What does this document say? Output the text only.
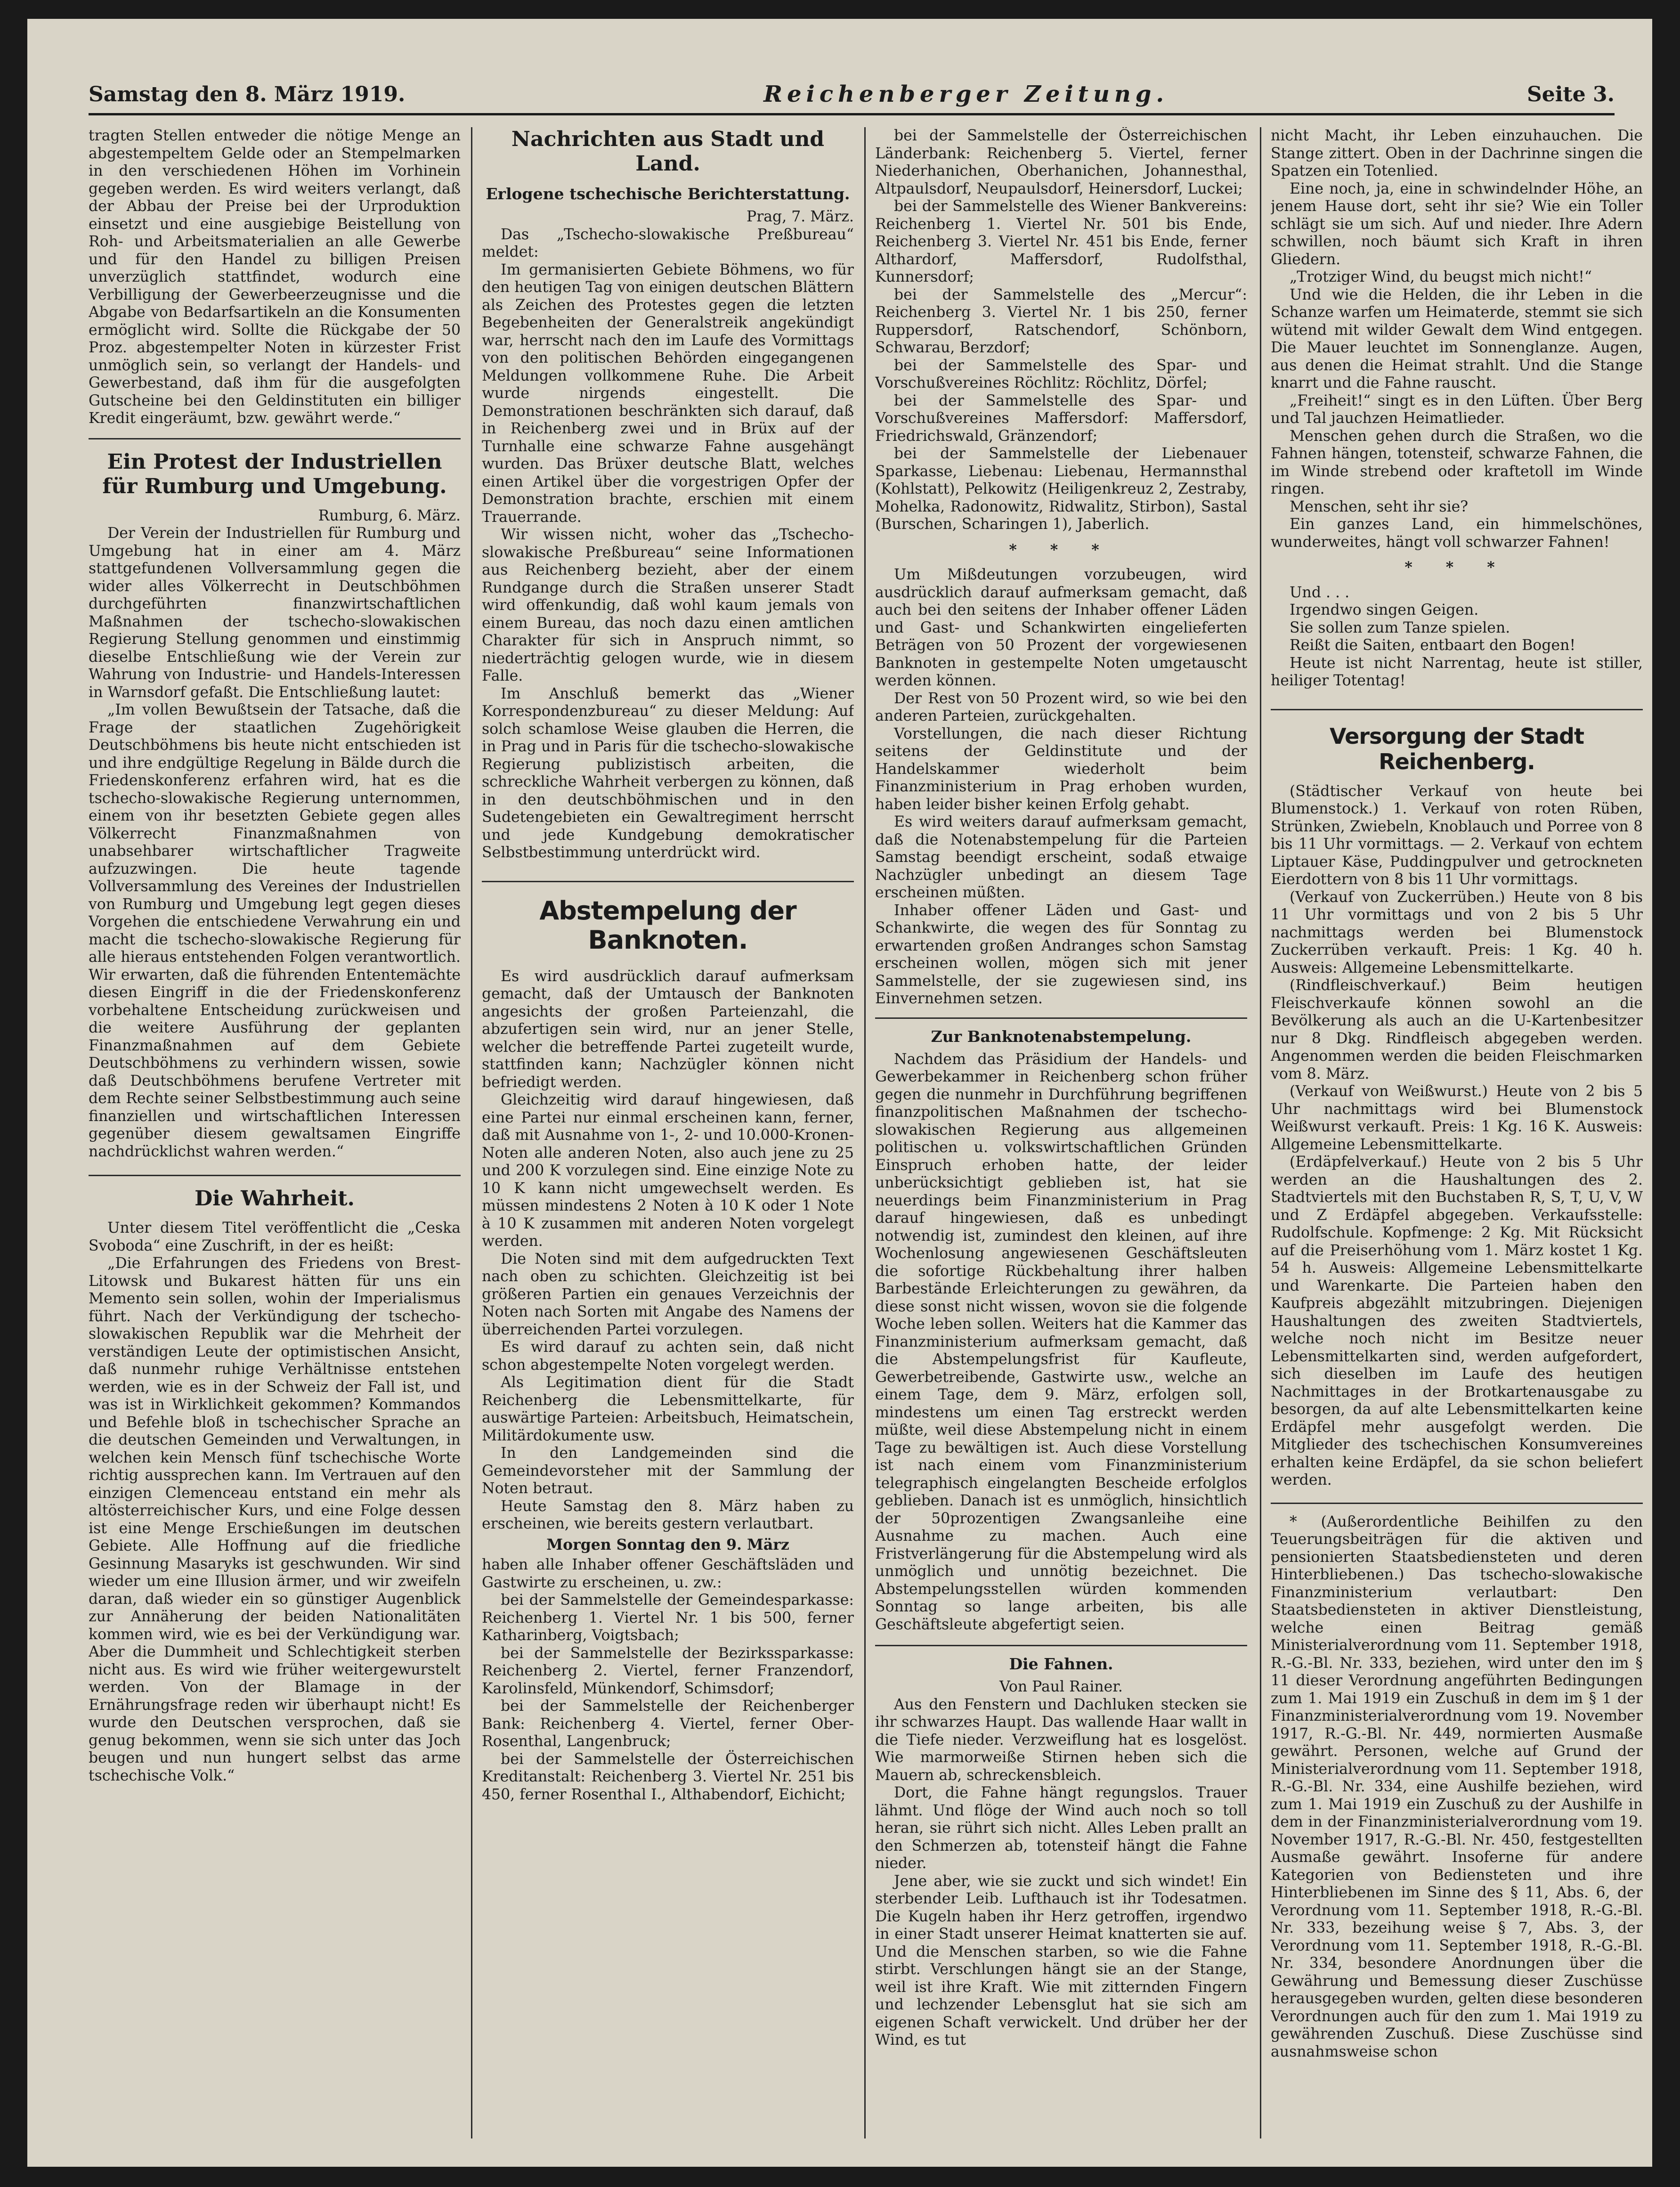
Samstag den 8. März 1919.	Reichenberger Zeitung.	Seite 3.

tragten Stellen entweder die nötige Menge an abgestempeltem Gelde oder an Stempelmarken in den verschiedenen Höhen im Vorhinein gegeben werden. Es wird weiters verlangt, daß der Abbau der Preise bei der Urproduktion einsetzt und eine ausgiebige Beistellung von Roh- und Arbeitsmaterialien an alle Gewerbe und für den Handel zu billigen Preisen unverzüglich stattfindet, wodurch eine Verbilligung der Gewerbeerzeugnisse und die Abgabe von Bedarfsartikeln an die Konsumenten ermöglicht wird. Sollte die Rückgabe der 50 Proz. abgestempelter Noten in kürzester Frist unmöglich sein, so verlangt der Handels- und Gewerbestand, daß ihm für die ausgefolgten Gutscheine bei den Geldinstituten ein billiger Kredit eingeräumt, bzw. gewährt werde.“

Ein Protest der Industriellen für Rumburg und Umgebung.

Rumburg, 6. März.

Der Verein der Industriellen für Rumburg und Umgebung hat in einer am 4. März stattgefundenen Vollversammlung gegen die wider alles Völkerrecht in Deutschböhmen durchgeführten finanzwirtschaftlichen Maßnahmen der tschecho-slowakischen Regierung Stellung genommen und einstimmig dieselbe Entschließung wie der Verein zur Wahrung von Industrie- und Handels-Interessen in Warnsdorf gefaßt. Die Entschließung lautet:

„Im vollen Bewußtsein der Tatsache, daß die Frage der staatlichen Zugehörigkeit Deutschböhmens bis heute nicht entschieden ist und ihre endgültige Regelung in Bälde durch die Friedenskonferenz erfahren wird, hat es die tschecho-slowakische Regierung unternommen, einem von ihr besetzten Gebiete gegen alles Völkerrecht Finanzmaßnahmen von unabsehbarer wirtschaftlicher Tragweite aufzuzwingen. Die heute tagende Vollversammlung des Vereines der Industriellen von Rumburg und Umgebung legt gegen dieses Vorgehen die entschiedene Verwahrung ein und macht die tschecho-slowakische Regierung für alle hieraus entstehenden Folgen verantwortlich. Wir erwarten, daß die führenden Ententemächte diesen Eingriff in die der Friedenskonferenz vorbehaltene Entscheidung zurückweisen und die weitere Ausführung der geplanten Finanzmaßnahmen auf dem Gebiete Deutschböhmens zu verhindern wissen, sowie daß Deutschböhmens berufene Vertreter mit dem Rechte seiner Selbstbestimmung auch seine finanziellen und wirtschaftlichen Interessen gegenüber diesem gewaltsamen Eingriffe nachdrücklichst wahren werden.“

Die Wahrheit.

Unter diesem Titel veröffentlicht die „Ceska Svoboda“ eine Zuschrift, in der es heißt:

„Die Erfahrungen des Friedens von Brest-Litowsk und Bukarest hätten für uns ein Memento sein sollen, wohin der Imperialismus führt. Nach der Verkündigung der tschecho-slowakischen Republik war die Mehrheit der verständigen Leute der optimistischen Ansicht, daß nunmehr ruhige Verhältnisse entstehen werden, wie es in der Schweiz der Fall ist, und was ist in Wirklichkeit gekommen? Kommandos und Befehle bloß in tschechischer Sprache an die deutschen Gemeinden und Verwaltungen, in welchen kein Mensch fünf tschechische Worte richtig aussprechen kann. Im Vertrauen auf den einzigen Clemenceau entstand ein mehr als altösterreichischer Kurs, und eine Folge dessen ist eine Menge Erschießungen im deutschen Gebiete. Alle Hoffnung auf die friedliche Gesinnung Masaryks ist geschwunden. Wir sind wieder um eine Illusion ärmer, und wir zweifeln daran, daß wieder ein so günstiger Augenblick zur Annäherung der beiden Nationalitäten kommen wird, wie es bei der Verkündigung war. Aber die Dummheit und Schlechtigkeit sterben nicht aus. Es wird wie früher weitergewurstelt werden. Von der Blamage in der Ernährungsfrage reden wir überhaupt nicht! Es wurde den Deutschen versprochen, daß sie genug bekommen, wenn sie sich unter das Joch beugen und nun hungert selbst das arme tschechische Volk.“

Nachrichten aus Stadt und Land.
Erlogene tschechische Berichterstattung.

Prag, 7. März.

Das „Tschecho-slowakische Preßbureau“ meldet:

Im germanisierten Gebiete Böhmens, wo für den heutigen Tag von einigen deutschen Blättern als Zeichen des Protestes gegen die letzten Begebenheiten der Generalstreik angekündigt war, herrscht nach den im Laufe des Vormittags von den politischen Behörden eingegangenen Meldungen vollkommene Ruhe. Die Arbeit wurde nirgends eingestellt. Die Demonstrationen beschränkten sich darauf, daß in Reichenberg zwei und in Brüx auf der Turnhalle eine schwarze Fahne ausgehängt wurden. Das Brüxer deutsche Blatt, welches einen Artikel über die vorgestrigen Opfer der Demonstration brachte, erschien mit einem Trauerrande.

Wir wissen nicht, woher das „Tschecho-slowakische Preßbureau“ seine Informationen aus Reichenberg bezieht, aber der einem Rundgange durch die Straßen unserer Stadt wird offenkundig, daß wohl kaum jemals von einem Bureau, das noch dazu einen amtlichen Charakter für sich in Anspruch nimmt, so niederträchtig gelogen wurde, wie in diesem Falle.

Im Anschluß bemerkt das „Wiener Korrespondenzbureau“ zu dieser Meldung: Auf solch schamlose Weise glauben die Herren, die in Prag und in Paris für die tschecho-slowakische Regierung publizistisch arbeiten, die schreckliche Wahrheit verbergen zu können, daß in den deutschböhmischen und in den Sudetengebieten ein Gewaltregiment herrscht und jede Kundgebung demokratischer Selbstbestimmung unterdrückt wird.

Abstempelung der Banknoten.

Es wird ausdrücklich darauf aufmerksam gemacht, daß der Umtausch der Banknoten angesichts der großen Parteienzahl, die abzufertigen sein wird, nur an jener Stelle, welcher die betreffende Partei zugeteilt wurde, stattfinden kann; Nachzügler können nicht befriedigt werden.

Gleichzeitig wird darauf hingewiesen, daß eine Partei nur einmal erscheinen kann, ferner, daß mit Ausnahme von 1-, 2- und 10.000-Kronen-Noten alle anderen Noten, also auch jene zu 25 und 200 K vorzulegen sind. Eine einzige Note zu 10 K kann nicht umgewechselt werden. Es müssen mindestens 2 Noten à 10 K oder 1 Note à 10 K zusammen mit anderen Noten vorgelegt werden.

Die Noten sind mit dem aufgedruckten Text nach oben zu schichten. Gleichzeitig ist bei größeren Partien ein genaues Verzeichnis der Noten nach Sorten mit Angabe des Namens der überreichenden Partei vorzulegen.

Es wird darauf zu achten sein, daß nicht schon abgestempelte Noten vorgelegt werden.

Als Legitimation dient für die Stadt Reichenberg die Lebensmittelkarte, für auswärtige Parteien: Arbeitsbuch, Heimatschein, Militärdokumente usw.

In den Landgemeinden sind die Gemeindevorsteher mit der Sammlung der Noten betraut.

Heute Samstag den 8. März haben zu erscheinen, wie bereits gestern verlautbart.

Morgen Sonntag den 9. März

haben alle Inhaber offener Geschäftsläden und Gastwirte zu erscheinen, u. zw.:

bei der Sammelstelle der Gemeindesparkasse: Reichenberg 1. Viertel Nr. 1 bis 500, ferner Katharinberg, Voigtsbach;

bei der Sammelstelle der Bezirkssparkasse: Reichenberg 2. Viertel, ferner Franzendorf, Karolinsfeld, Münkendorf, Schimsdorf;

bei der Sammelstelle der Reichenberger Bank: Reichenberg 4. Viertel, ferner Ober-Rosenthal, Langenbruck;

bei der Sammelstelle der Österreichischen Kreditanstalt: Reichenberg 3. Viertel Nr. 251 bis 450, ferner Rosenthal I., Althabendorf, Eichicht;

bei der Sammelstelle der Österreichischen Länderbank: Reichenberg 5. Viertel, ferner Niederhanichen, Oberhanichen, Johannesthal, Altpaulsdorf, Neupaulsdorf, Heinersdorf, Luckei;

bei der Sammelstelle des Wiener Bankvereins: Reichenberg 1. Viertel Nr. 501 bis Ende, Reichenberg 3. Viertel Nr. 451 bis Ende, ferner Althardorf, Maffersdorf, Rudolfsthal, Kunnersdorf;

bei der Sammelstelle des „Mercur“: Reichenberg 3. Viertel Nr. 1 bis 250, ferner Ruppersdorf, Ratschendorf, Schönborn, Schwarau, Berzdorf;

bei der Sammelstelle des Spar- und Vorschußvereines Röchlitz: Röchlitz, Dörfel;

bei der Sammelstelle des Spar- und Vorschußvereines Maffersdorf: Maffersdorf, Friedrichswald, Gränzendorf;

bei der Sammelstelle der Liebenauer Sparkasse, Liebenau: Liebenau, Hermannsthal (Kohlstatt), Pelkowitz (Heiligenkreuz 2, Zestraby, Mohelka, Radonowitz, Ridwalitz, Stirbon), Sastal (Burschen, Scharingen 1), Jaberlich.

* * *

Um Mißdeutungen vorzubeugen, wird ausdrücklich darauf aufmerksam gemacht, daß auch bei den seitens der Inhaber offener Läden und Gast- und Schankwirten eingelieferten Beträgen von 50 Prozent der vorgewiesenen Banknoten in gestempelte Noten umgetauscht werden können.

Der Rest von 50 Prozent wird, so wie bei den anderen Parteien, zurückgehalten.

Vorstellungen, die nach dieser Richtung seitens der Geldinstitute und der Handelskammer wiederholt beim Finanzministerium in Prag erhoben wurden, haben leider bisher keinen Erfolg gehabt.

Es wird weiters darauf aufmerksam gemacht, daß die Notenabstempelung für die Parteien Samstag beendigt erscheint, sodaß etwaige Nachzügler unbedingt an diesem Tage erscheinen müßten.

Inhaber offener Läden und Gast- und Schankwirte, die wegen des für Sonntag zu erwartenden großen Andranges schon Samstag erscheinen wollen, mögen sich mit jener Sammelstelle, der sie zugewiesen sind, ins Einvernehmen setzen.

Zur Banknotenabstempelung.

Nachdem das Präsidium der Handels- und Gewerbekammer in Reichenberg schon früher gegen die nunmehr in Durchführung begriffenen finanzpolitischen Maßnahmen der tschecho-slowakischen Regierung aus allgemeinen politischen u. volkswirtschaftlichen Gründen Einspruch erhoben hatte, der leider unberücksichtigt geblieben ist, hat sie neuerdings beim Finanzministerium in Prag darauf hingewiesen, daß es unbedingt notwendig ist, zumindest den kleinen, auf ihre Wochenlosung angewiesenen Geschäftsleuten die sofortige Rückbehaltung ihrer halben Barbestände Erleichterungen zu gewähren, da diese sonst nicht wissen, wovon sie die folgende Woche leben sollen. Weiters hat die Kammer das Finanzministerium aufmerksam gemacht, daß die Abstempelungsfrist für Kaufleute, Gewerbetreibende, Gastwirte usw., welche an einem Tage, dem 9. März, erfolgen soll, mindestens um einen Tag erstreckt werden müßte, weil diese Abstempelung nicht in einem Tage zu bewältigen ist. Auch diese Vorstellung ist nach einem vom Finanzministerium telegraphisch eingelangten Bescheide erfolglos geblieben. Danach ist es unmöglich, hinsichtlich der 50prozentigen Zwangsanleihe eine Ausnahme zu machen. Auch eine Fristverlängerung für die Abstempelung wird als unmöglich und unnötig bezeichnet. Die Abstempelungsstellen würden kommenden Sonntag so lange arbeiten, bis alle Geschäftsleute abgefertigt seien.

Die Fahnen.

Von Paul Rainer.

Aus den Fenstern und Dachluken stecken sie ihr schwarzes Haupt. Das wallende Haar wallt in die Tiefe nieder. Verzweiflung hat es losgelöst. Wie marmorweiße Stirnen heben sich die Mauern ab, schreckensbleich.

Dort, die Fahne hängt regungslos. Trauer lähmt. Und flöge der Wind auch noch so toll heran, sie rührt sich nicht. Alles Leben prallt an den Schmerzen ab, totensteif hängt die Fahne nieder.

Jene aber, wie sie zuckt und sich windet! Ein sterbender Leib. Lufthauch ist ihr Todesatmen. Die Kugeln haben ihr Herz getroffen, irgendwo in einer Stadt unserer Heimat knatterten sie auf. Und die Menschen starben, so wie die Fahne stirbt. Verschlungen hängt sie an der Stange, weil ist ihre Kraft. Wie mit zitternden Fingern und lechzender Lebensglut hat sie sich am eigenen Schaft verwickelt. Und drüber her der Wind, es tut

nicht Macht, ihr Leben einzuhauchen. Die Stange zittert. Oben in der Dachrinne singen die Spatzen ein Totenlied.

Eine noch, ja, eine in schwindelnder Höhe, an jenem Hause dort, seht ihr sie? Wie ein Toller schlägt sie um sich. Auf und nieder. Ihre Adern schwillen, noch bäumt sich Kraft in ihren Gliedern.

„Trotziger Wind, du beugst mich nicht!“

Und wie die Helden, die ihr Leben in die Schanze warfen um Heimaterde, stemmt sie sich wütend mit wilder Gewalt dem Wind entgegen. Die Mauer leuchtet im Sonnenglanze. Augen, aus denen die Heimat strahlt. Und die Stange knarrt und die Fahne rauscht.

„Freiheit!“ singt es in den Lüften. Über Berg und Tal jauchzen Heimatlieder.

Menschen gehen durch die Straßen, wo die Fahnen hängen, totensteif, schwarze Fahnen, die im Winde strebend oder kraftetoll im Winde ringen.

Menschen, seht ihr sie?

Ein ganzes Land, ein himmelschönes, wunderweites, hängt voll schwarzer Fahnen!

* * *

Und . . .

Irgendwo singen Geigen.

Sie sollen zum Tanze spielen.

Reißt die Saiten, entbaart den Bogen!

Heute ist nicht Narrentag, heute ist stiller, heiliger Totentag!

Versorgung der Stadt Reichenberg.

(Städtischer Verkauf von heute bei Blumenstock.) 1. Verkauf von roten Rüben, Strünken, Zwiebeln, Knoblauch und Porree von 8 bis 11 Uhr vormittags. — 2. Verkauf von echtem Liptauer Käse, Puddingpulver und getrockneten Eierdottern von 8 bis 11 Uhr vormittags.

(Verkauf von Zuckerrüben.) Heute von 8 bis 11 Uhr vormittags und von 2 bis 5 Uhr nachmittags werden bei Blumenstock Zuckerrüben verkauft. Preis: 1 Kg. 40 h. Ausweis: Allgemeine Lebensmittelkarte.

(Rindfleischverkauf.) Beim heutigen Fleischverkaufe können sowohl an die Bevölkerung als auch an die U-Kartenbesitzer nur 8 Dkg. Rindfleisch abgegeben werden. Angenommen werden die beiden Fleischmarken vom 8. März.

(Verkauf von Weißwurst.) Heute von 2 bis 5 Uhr nachmittags wird bei Blumenstock Weißwurst verkauft. Preis: 1 Kg. 16 K. Ausweis: Allgemeine Lebensmittelkarte.

(Erdäpfelverkauf.) Heute von 2 bis 5 Uhr werden an die Haushaltungen des 2. Stadtviertels mit den Buchstaben R, S, T, U, V, W und Z Erdäpfel abgegeben. Verkaufsstelle: Rudolfschule. Kopfmenge: 2 Kg. Mit Rücksicht auf die Preiserhöhung vom 1. März kostet 1 Kg. 54 h. Ausweis: Allgemeine Lebensmittelkarte und Warenkarte. Die Parteien haben den Kaufpreis abgezählt mitzubringen. Diejenigen Haushaltungen des zweiten Stadtviertels, welche noch nicht im Besitze neuer Lebensmittelkarten sind, werden aufgefordert, sich dieselben im Laufe des heutigen Nachmittages in der Brotkartenausgabe zu besorgen, da auf alte Lebensmittelkarten keine Erdäpfel mehr ausgefolgt werden. Die Mitglieder des tschechischen Konsumvereines erhalten keine Erdäpfel, da sie schon beliefert werden.

* (Außerordentliche Beihilfen zu den Teuerungsbeiträgen für die aktiven und pensionierten Staatsbediensteten und deren Hinterbliebenen.) Das tschecho-slowakische Finanzministerium verlautbart: Den Staatsbediensteten in aktiver Dienstleistung, welche einen Beitrag gemäß Ministerialverordnung vom 11. September 1918, R.-G.-Bl. Nr. 333, beziehen, wird unter den im § 11 dieser Verordnung angeführten Bedingungen zum 1. Mai 1919 ein Zuschuß in dem im § 1 der Finanzministerialverordnung vom 19. November 1917, R.-G.-Bl. Nr. 449, normierten Ausmaße gewährt. Personen, welche auf Grund der Ministerialverordnung vom 11. September 1918, R.-G.-Bl. Nr. 334, eine Aushilfe beziehen, wird zum 1. Mai 1919 ein Zuschuß zu der Aushilfe in dem in der Finanzministerialverordnung vom 19. November 1917, R.-G.-Bl. Nr. 450, festgestellten Ausmaße gewährt. Insoferne für andere Kategorien von Bediensteten und ihre Hinterbliebenen im Sinne des § 11, Abs. 6, der Verordnung vom 11. September 1918, R.-G.-Bl. Nr. 333, bezeihung weise § 7, Abs. 3, der Verordnung vom 11. September 1918, R.-G.-Bl. Nr. 334, besondere Anordnungen über die Gewährung und Bemessung dieser Zuschüsse herausgegeben wurden, gelten diese besonderen Verordnungen auch für den zum 1. Mai 1919 zu gewährenden Zuschuß. Diese Zuschüsse sind ausnahmsweise schon
